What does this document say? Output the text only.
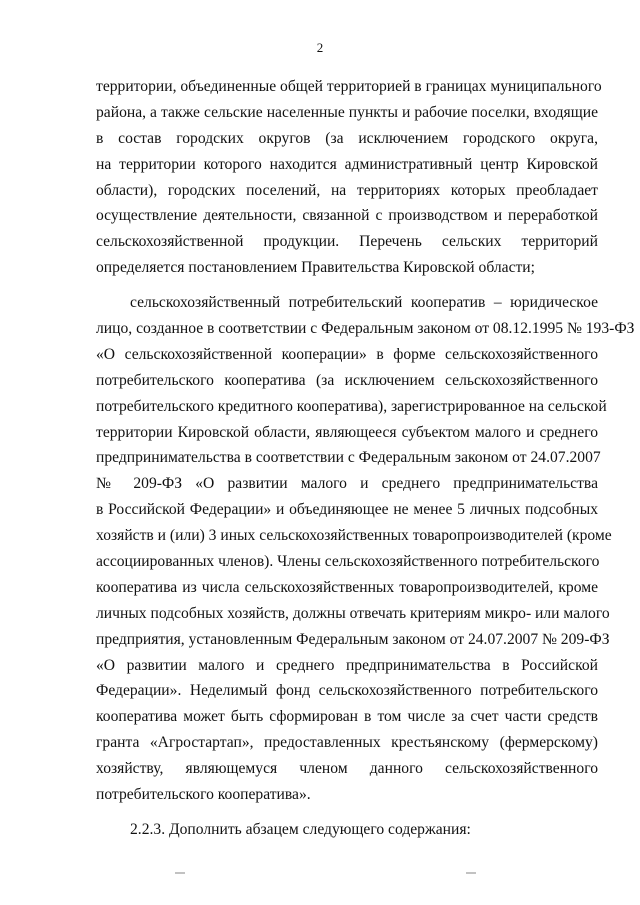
2
территории, объединенные общей территорией в границах муниципального
района, а также сельские населенные пункты и рабочие поселки, входящие
в состав городских округов (за исключением городского округа,
на территории которого находится административный центр Кировской
области), городских поселений, на территориях которых преобладает
осуществление деятельности, связанной с производством и переработкой
сельскохозяйственной продукции. Перечень сельских территорий
определяется постановлением Правительства Кировской области;
сельскохозяйственный потребительский кооператив – юридическое
лицо, созданное в соответствии с Федеральным законом от 08.12.1995 № 193-ФЗ
«О сельскохозяйственной кооперации» в форме сельскохозяйственного
потребительского кооператива (за исключением сельскохозяйственного
потребительского кредитного кооператива), зарегистрированное на сельской
территории Кировской области, являющееся субъектом малого и среднего
предпринимательства в соответствии с Федеральным законом от 24.07.2007
№ 209-ФЗ «О развитии малого и среднего предпринимательства
в Российской Федерации» и объединяющее не менее 5 личных подсобных
хозяйств и (или) 3 иных сельскохозяйственных товаропроизводителей (кроме
ассоциированных членов). Члены сельскохозяйственного потребительского
кооператива из числа сельскохозяйственных товаропроизводителей, кроме
личных подсобных хозяйств, должны отвечать критериям микро- или малого
предприятия, установленным Федеральным законом от 24.07.2007 № 209-ФЗ
«О развитии малого и среднего предпринимательства в Российской
Федерации». Неделимый фонд сельскохозяйственного потребительского
кооператива может быть сформирован в том числе за счет части средств
гранта «Агростартап», предоставленных крестьянскому (фермерскому)
хозяйству, являющемуся членом данного сельскохозяйственного
потребительского кооператива».
2.2.3. Дополнить абзацем следующего содержания:
